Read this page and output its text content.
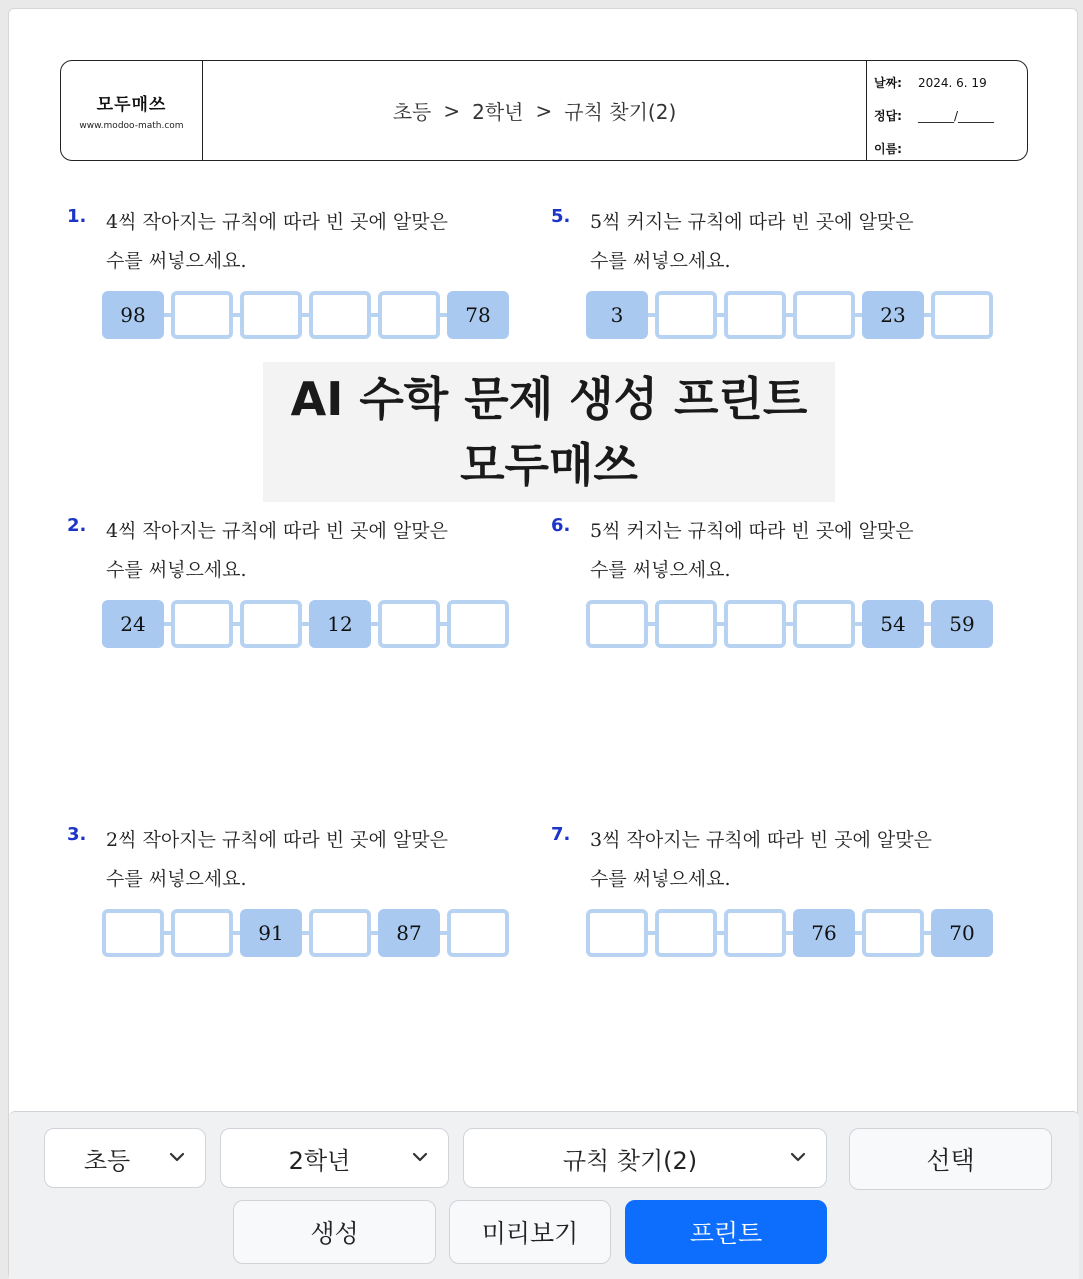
모두매쓰
www.modoo-math.com
초등 > 2학년 > 규칙 찾기(2)
날짜:	2024. 6. 19
정답:	______/______
이름:
1. 4씩 작아지는 규칙에 따라 빈 곳에 알맞은
수를 써넣으세요.
98	78
5. 5씩 커지는 규칙에 따라 빈 곳에 알맞은
수를 써넣으세요.
3	23
2. 4씩 작아지는 규칙에 따라 빈 곳에 알맞은
수를 써넣으세요.
24	12
6. 5씩 커지는 규칙에 따라 빈 곳에 알맞은
수를 써넣으세요.
54	59
3. 2씩 작아지는 규칙에 따라 빈 곳에 알맞은
수를 써넣으세요.
91	87
7. 3씩 작아지는 규칙에 따라 빈 곳에 알맞은
수를 써넣으세요.
76	70
AI 수학 문제 생성 프린트
모두매쓰
초등	2학년	규칙 찾기(2)	선택
생성	미리보기	프린트
